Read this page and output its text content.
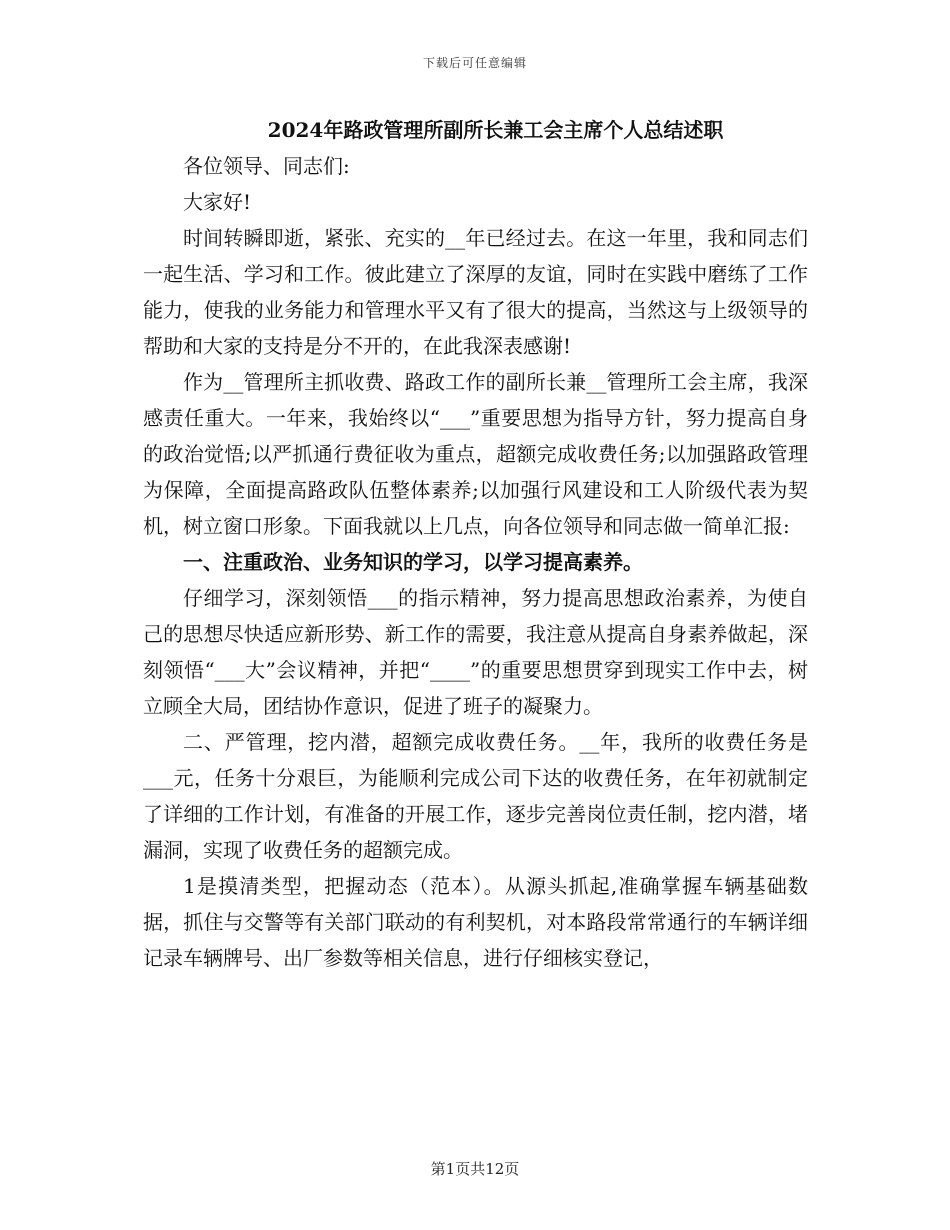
下载后可任意编辑
2024年路政管理所副所长兼工会主席个人总结述职

各位领导、同志们:

大家好!

时间转瞬即逝，紧张、充实的__年已经过去。在这一年里，我和同志们一起生活、学习和工作。彼此建立了深厚的友谊，同时在实践中磨练了工作能力，使我的业务能力和管理水平又有了很大的提高，当然这与上级领导的帮助和大家的支持是分不开的，在此我深表感谢!

作为__管理所主抓收费、路政工作的副所长兼__管理所工会主席，我深感责任重大。一年来，我始终以“___”重要思想为指导方针，努力提高自身的政治觉悟;以严抓通行费征收为重点，超额完成收费任务;以加强路政管理为保障，全面提高路政队伍整体素养;以加强行风建设和工人阶级代表为契机，树立窗口形象。下面我就以上几点，向各位领导和同志做一简单汇报:

一、注重政治、业务知识的学习，以学习提高素养。

仔细学习，深刻领悟___的指示精神，努力提高思想政治素养，为使自己的思想尽快适应新形势、新工作的需要，我注意从提高自身素养做起，深刻领悟“___大”会议精神，并把“____”的重要思想贯穿到现实工作中去，树立顾全大局，团结协作意识，促进了班子的凝聚力。

二、严管理，挖内潜，超额完成收费任务。__年，我所的收费任务是___元，任务十分艰巨，为能顺利完成公司下达的收费任务，在年初就制定了详细的工作计划，有准备的开展工作，逐步完善岗位责任制，挖内潜，堵漏洞，实现了收费任务的超额完成。

1是摸清类型，把握动态（范本）。从源头抓起,准确掌握车辆基础数据，抓住与交警等有关部门联动的有利契机，对本路段常常通行的车辆详细记录车辆牌号、出厂参数等相关信息，进行仔细核实登记，

第1页共12页
